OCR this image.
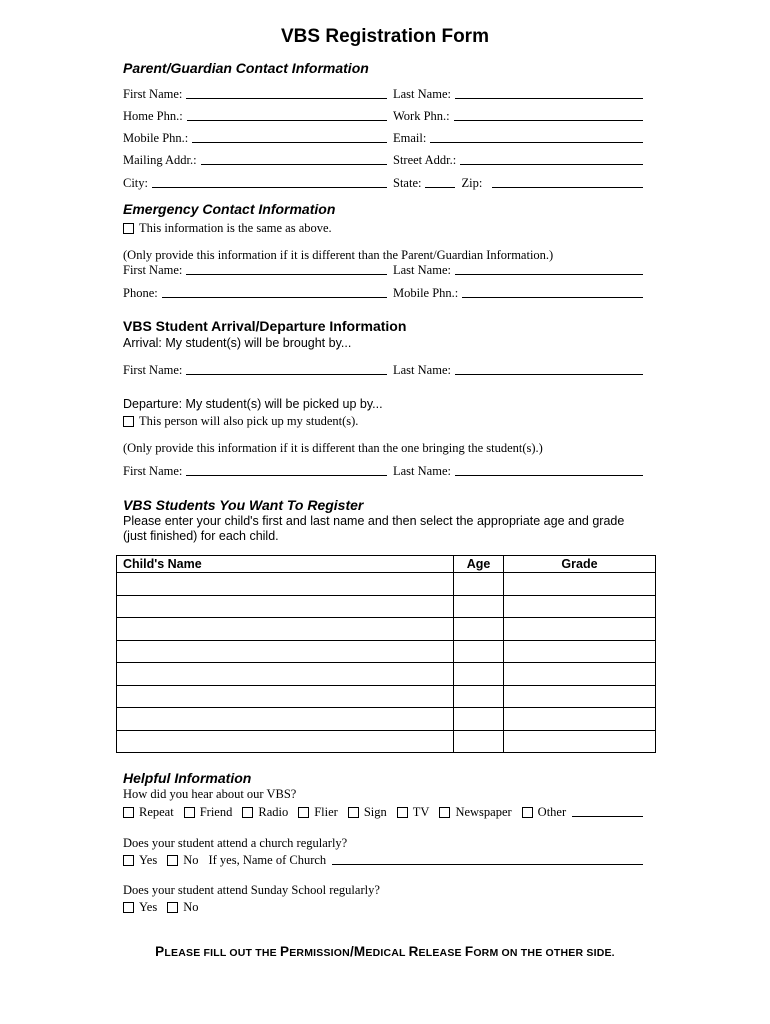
VBS Registration Form
Parent/Guardian Contact Information
First Name:	Last Name:
Home Phn.:	Work Phn.:
Mobile Phn.:	Email:
Mailing Addr.:	Street Addr.:
City:	State:	Zip:
Emergency Contact Information
This information is the same as above.
(Only provide this information if it is different than the Parent/Guardian Information.)
First Name:	Last Name:
Phone:	Mobile Phn.:
VBS Student Arrival/Departure Information
Arrival: My student(s) will be brought by...
First Name:	Last Name:
Departure: My student(s) will be picked up by...
This person will also pick up my student(s).
(Only provide this information if it is different than the one bringing the student(s).)
First Name:	Last Name:
VBS Students You Want To Register
Please enter your child's first and last name and then select the appropriate age and grade
(just finished) for each child.
Child's Name	Age	Grade

Helpful Information
How did you hear about our VBS?
Repeat Friend Radio Flier Sign TV Newspaper Other
Does your student attend a church regularly?
Yes No If yes, Name of Church
Does your student attend Sunday School regularly?
Yes No
PLEASE FILL OUT THE PERMISSION/MEDICAL RELEASE FORM ON THE OTHER SIDE.
